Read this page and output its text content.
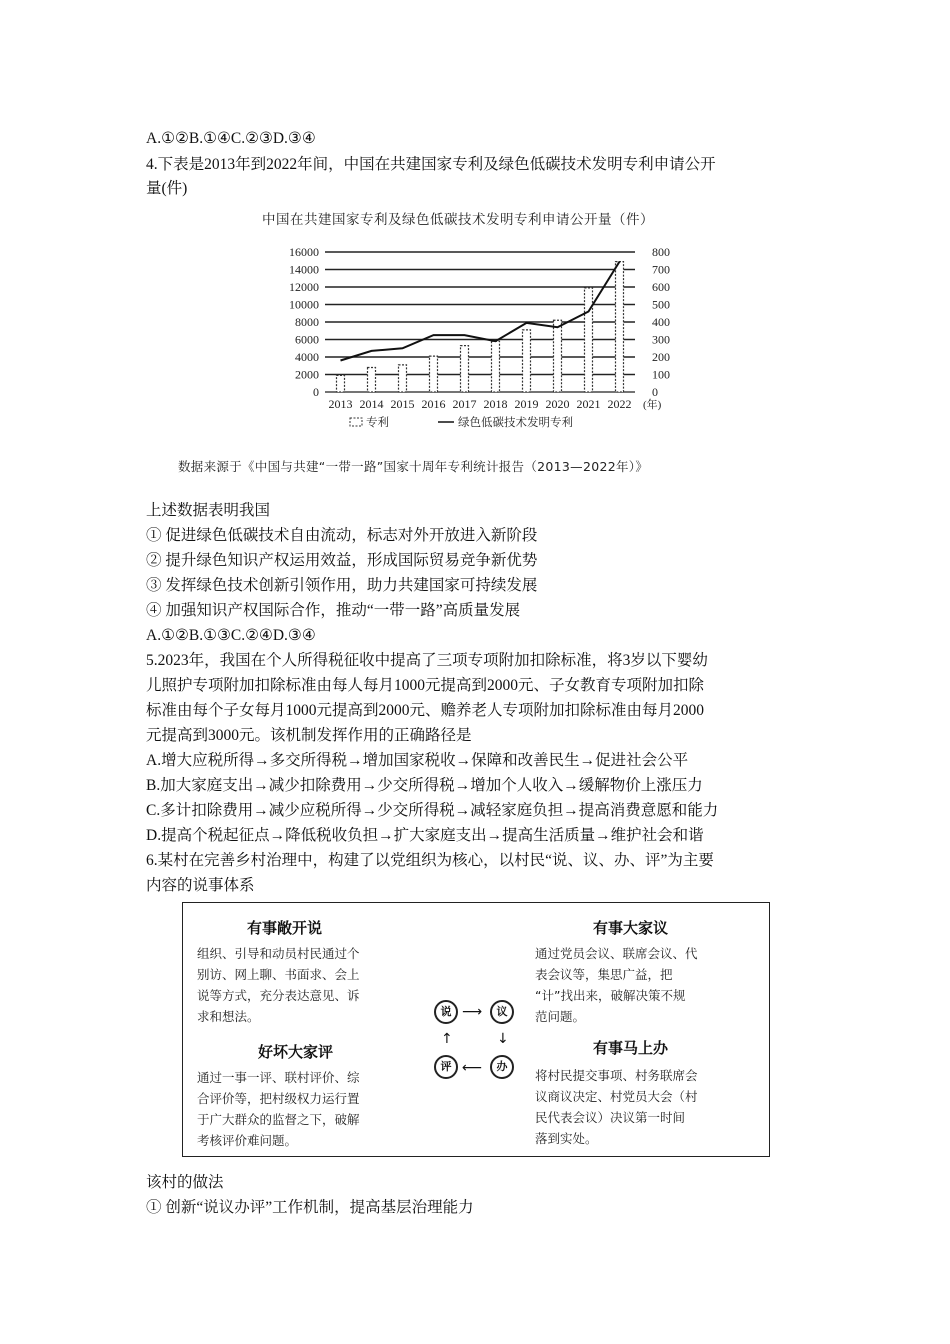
A.①②B.①④C.②③D.③④
4.下表是2013年到2022年间，中国在共建国家专利及绿色低碳技术发明专利申请公开
量(件)
中国在共建国家专利及绿色低碳技术发明专利申请公开量（件）
0
2000
4000
6000
8000
10000
12000
14000
16000
0
100
200
300
400
500
600
700
800
2013 2014 2015 2016 2017 2018 2019 2020 2021 2022 (年)
专利	绿色低碳技术发明专利
数据来源于《中国与共建“一带一路”国家十周年专利统计报告（2013—2022年）》
上述数据表明我国
① 促进绿色低碳技术自由流动，标志对外开放进入新阶段
② 提升绿色知识产权运用效益，形成国际贸易竞争新优势
③ 发挥绿色技术创新引领作用，助力共建国家可持续发展
④ 加强知识产权国际合作，推动“一带一路”高质量发展
A.①②B.①③C.②④D.③④
5.2023年，我国在个人所得税征收中提高了三项专项附加扣除标准，将3岁以下婴幼
儿照护专项附加扣除标准由每人每月1000元提高到2000元、子女教育专项附加扣除
标准由每个子女每月1000元提高到2000元、赡养老人专项附加扣除标准由每月2000
元提高到3000元。该机制发挥作用的正确路径是
A.增大应税所得→多交所得税→增加国家税收→保障和改善民生→促进社会公平
B.加大家庭支出→减少扣除费用→少交所得税→增加个人收入→缓解物价上涨压力
C.多计扣除费用→减少应税所得→少交所得税→减轻家庭负担→提高消费意愿和能力
D.提高个税起征点→降低税收负担→扩大家庭支出→提高生活质量→维护社会和谐
6.某村在完善乡村治理中，构建了以党组织为核心，以村民“说、议、办、评”为主要
内容的说事体系
有事敞开说
组织、引导和动员村民通过个
别访、网上聊、书面求、会上
说等方式，充分表达意见、诉
求和想法。
有事大家议
通过党员会议、联席会议、代
表会议等，集思广益，把
“计”找出来，破解决策不规
范问题。
好坏大家评
通过一事一评、联村评价、综
合评价等，把村级权力运行置
于广大群众的监督之下，破解
考核评价难问题。
有事马上办
将村民提交事项、村务联席会
议商议决定、村党员大会（村
民代表会议）决议第一时间
落到实处。
说	议
办
评
⟶
↓
⟵
↑
该村的做法
① 创新“说议办评”工作机制，提高基层治理能力
